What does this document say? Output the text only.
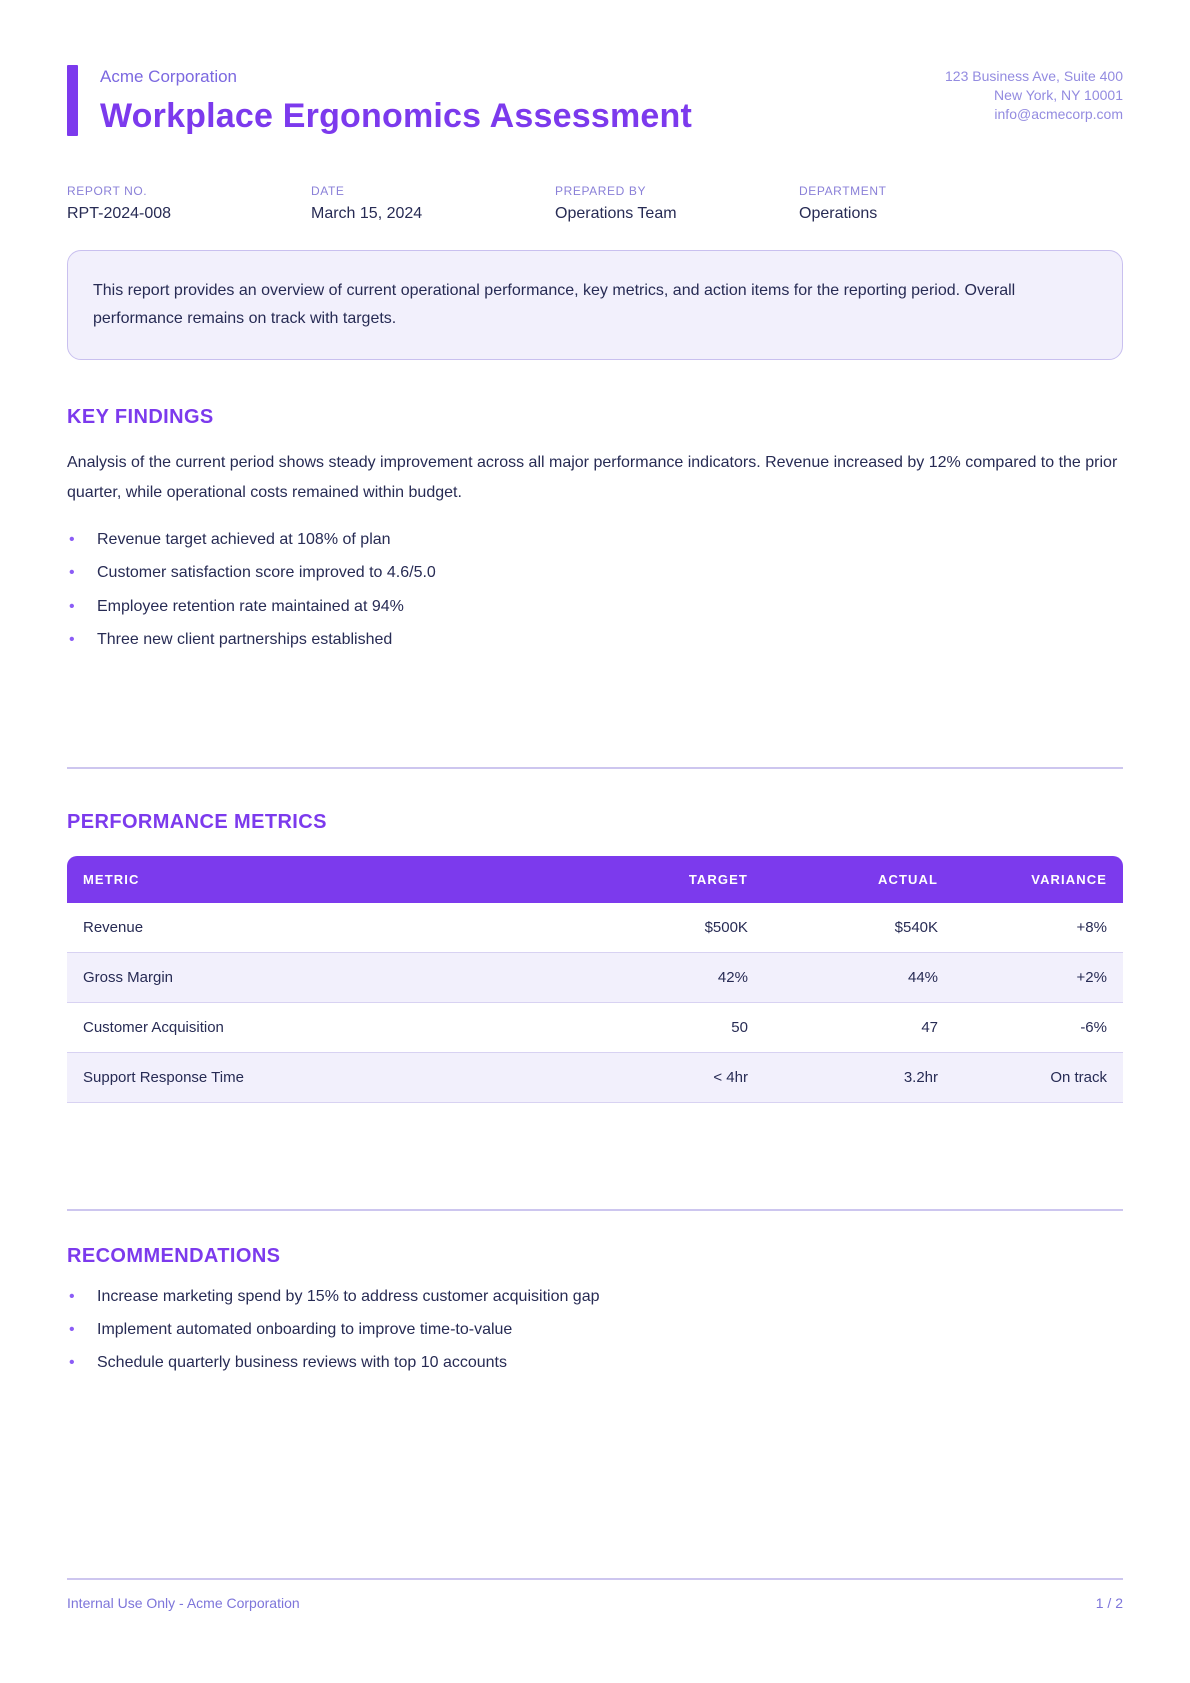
Acme Corporation
Workplace Ergonomics Assessment
123 Business Ave, Suite 400
New York, NY 10001
info@acmecorp.com
REPORT NO.
RPT-2024-008
DATE
March 15, 2024
PREPARED BY
Operations Team
DEPARTMENT
Operations

This report provides an overview of current operational performance, key metrics, and action items for the reporting period. Overall performance remains on track with targets.

KEY FINDINGS

Analysis of the current period shows steady improvement across all major performance indicators. Revenue increased by 12% compared to the prior quarter, while operational costs remained within budget.

•	Revenue target achieved at 108% of plan
•	Customer satisfaction score improved to 4.6/5.0
•	Employee retention rate maintained at 94%
•	Three new client partnerships established
PERFORMANCE METRICS
METRIC	TARGET	ACTUAL	VARIANCE
Revenue	$500K	$540K	+8%
Gross Margin	42%	44%	+2%
Customer Acquisition	50	47	-6%
Support Response Time	< 4hr	3.2hr	On track
RECOMMENDATIONS
•	Increase marketing spend by 15% to address customer acquisition gap
•	Implement automated onboarding to improve time-to-value
•	Schedule quarterly business reviews with top 10 accounts
Internal Use Only - Acme Corporation	1 / 2
